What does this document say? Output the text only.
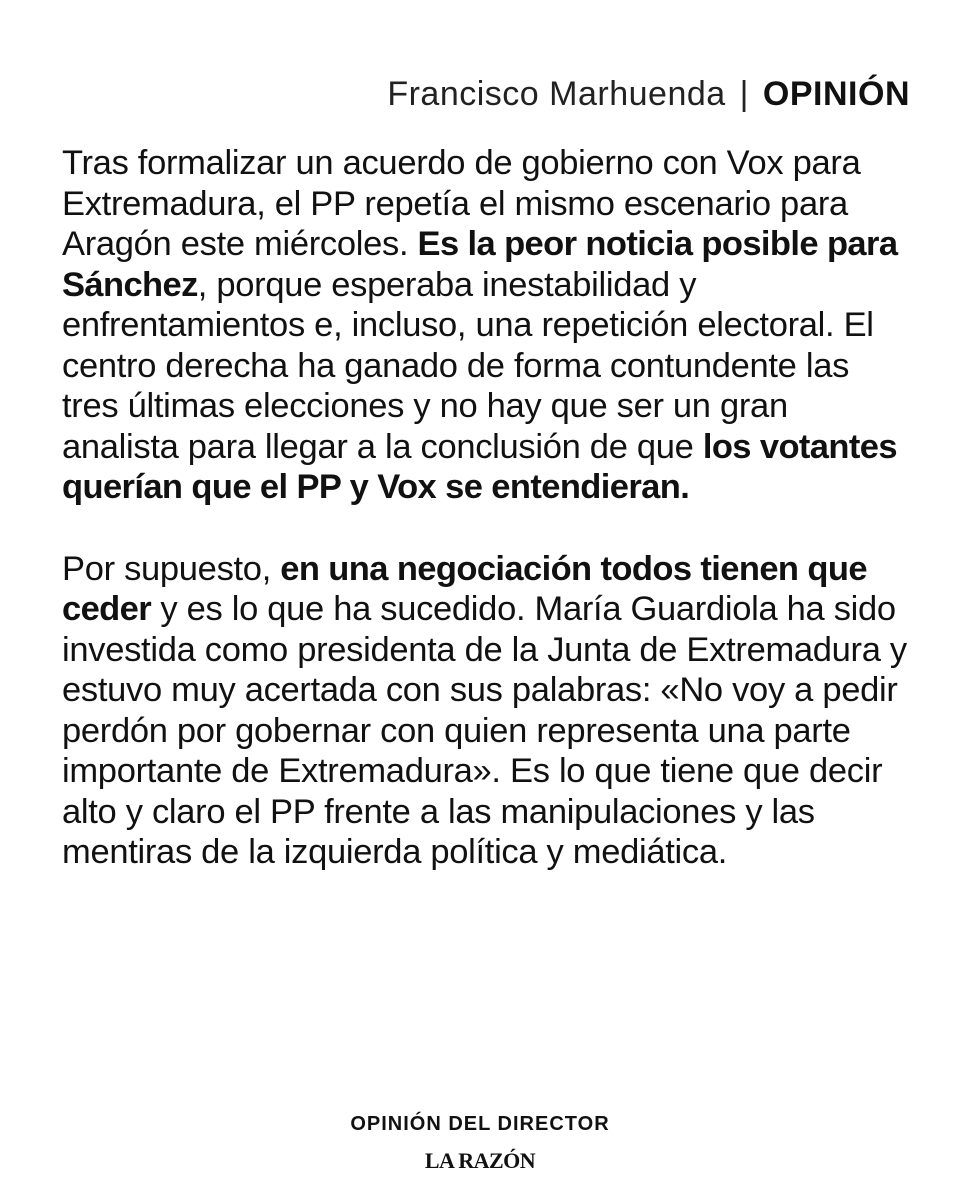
Francisco Marhuenda | OPINIÓN

Tras formalizar un acuerdo de gobierno con Vox para Extremadura, el PP repetía el mismo escenario para Aragón este miércoles. Es la peor noticia posible para Sánchez, porque esperaba inestabilidad y enfrentamientos e, incluso, una repetición electoral. El centro derecha ha ganado de forma contundente las tres últimas elecciones y no hay que ser un gran analista para llegar a la conclusión de que los votantes querían que el PP y Vox se entendieran.

Por supuesto, en una negociación todos tienen que ceder y es lo que ha sucedido. María Guardiola ha sido investida como presidenta de la Junta de Extremadura y estuvo muy acertada con sus palabras: «No voy a pedir perdón por gobernar con quien representa una parte importante de Extremadura». Es lo que tiene que decir alto y claro el PP frente a las manipulaciones y las mentiras de la izquierda política y mediática.

OPINIÓN DEL DIRECTOR
LA RAZÓN
